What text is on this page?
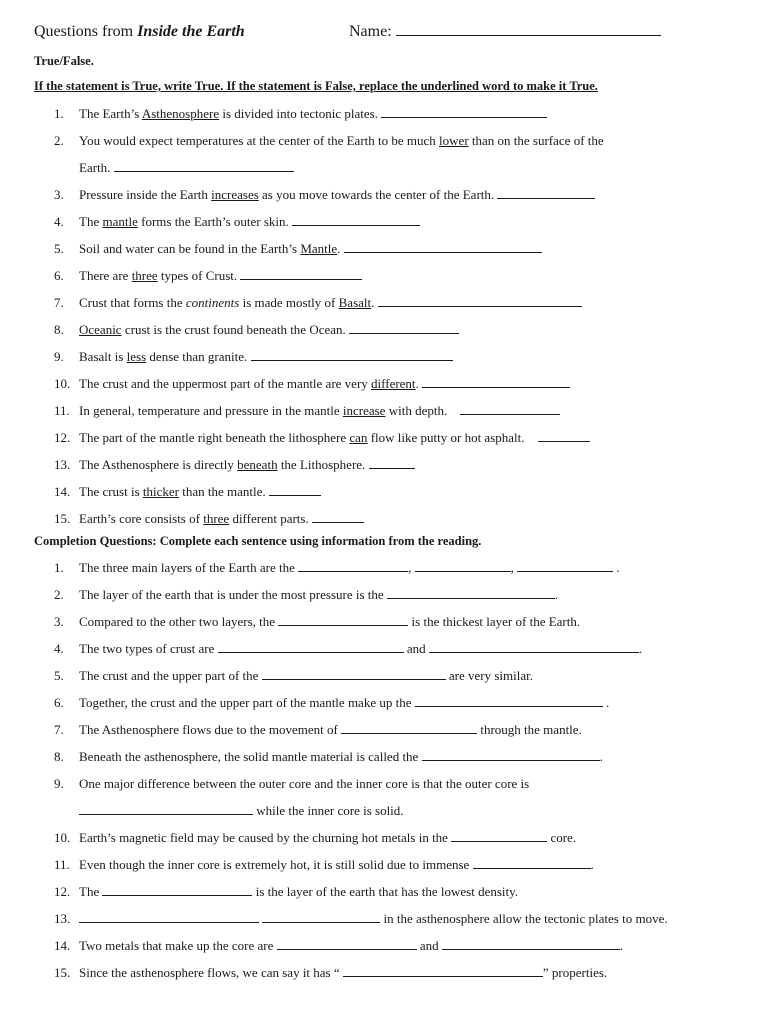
Questions from Inside the Earth	Name:
True/False.
If the statement is True, write True. If the statement is False, replace the underlined word to make it True.
1.	The Earth’s Asthenosphere is divided into tectonic plates.
2.	You would expect temperatures at the center of the Earth to be much lower than on the surface of the
Earth.
3.	Pressure inside the Earth increases as you move towards the center of the Earth.
4.	The mantle forms the Earth’s outer skin.
5.	Soil and water can be found in the Earth’s Mantle.
6.	There are three types of Crust.
7.	Crust that forms the continents is made mostly of Basalt.
8.	Oceanic crust is the crust found beneath the Ocean.
9.	Basalt is less dense than granite.
10. The crust and the uppermost part of the mantle are very different.
11. In general, temperature and pressure in the mantle increase with depth.
12. The part of the mantle right beneath the lithosphere can flow like putty or hot asphalt.
13. The Asthenosphere is directly beneath the Lithosphere.
14. The crust is thicker than the mantle.
15. Earth’s core consists of three different parts.
Completion Questions: Complete each sentence using information from the reading.
1.	The three main layers of the Earth are the	,	,	.
2.	The layer of the earth that is under the most pressure is the	.
3.	Compared to the other two layers, the	is the thickest layer of the Earth.
4.	The two types of crust are	and	.
5.	The crust and the upper part of the	are very similar.
6.	Together, the crust and the upper part of the mantle make up the	.
7.	The Asthenosphere flows due to the movement of	through the mantle.
8.	Beneath the asthenosphere, the solid mantle material is called the	.
9.	One major difference between the outer core and the inner core is that the outer core is
while the inner core is solid.
10. Earth’s magnetic field may be caused by the churning hot metals in the	core.
11. Even though the inner core is extremely hot, it is still solid due to immense	.
12. The	is the layer of the earth that has the lowest density.
13.	in the asthenosphere allow the tectonic plates to move.
14. Two metals that make up the core are	and	.
15. Since the asthenosphere flows, we can say it has “	” properties.
